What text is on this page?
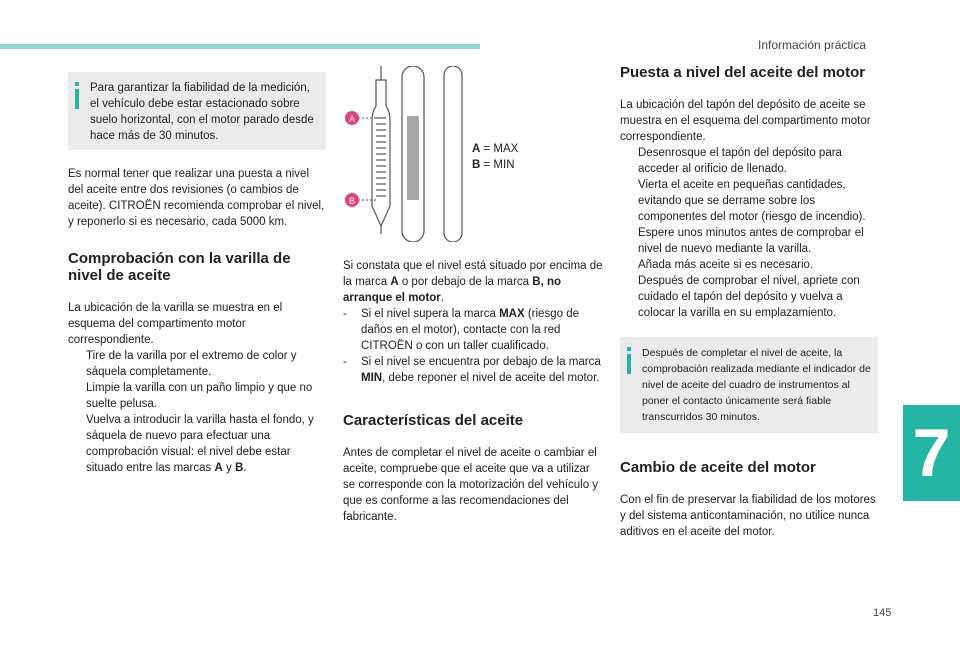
Información práctica

Para garantizar la fiabilidad de la medición, el vehículo debe estar estacionado sobre suelo horizontal, con el motor parado desde hace más de 30 minutos.

Es normal tener que realizar una puesta a nivel del aceite entre dos revisiones (o cambios de aceite). CITROËN recomienda comprobar el nivel, y reponerlo si es necesario, cada 5000 km.

Comprobación con la varilla de nivel de aceite

La ubicación de la varilla se muestra en el esquema del compartimento motor correspondiente.

Tire de la varilla por el extremo de color y sáquela completamente.
Limpie la varilla con un paño limpio y que no suelte pelusa.
Vuelva a introducir la varilla hasta el fondo, y sáquela de nuevo para efectuar una comprobación visual: el nivel debe estar situado entre las marcas A y B.
A
B
A = MAX
B = MIN

Si constata que el nivel está situado por encima de la marca A o por debajo de la marca B, no arranque el motor.

- Si el nivel supera la marca MAX (riesgo de daños en el motor), contacte con la red CITROËN o con un taller cualificado.
- Si el nivel se encuentra por debajo de la marca MIN, debe reponer el nivel de aceite del motor.
Características del aceite

Antes de completar el nivel de aceite o cambiar el aceite, compruebe que el aceite que va a utilizar se corresponde con la motorización del vehículo y que es conforme a las recomendaciones del fabricante.

Puesta a nivel del aceite del motor

La ubicación del tapón del depósito de aceite se muestra en el esquema del compartimento motor correspondiente.

Desenrosque el tapón del depósito para acceder al orificio de llenado.
Vierta el aceite en pequeñas cantidades, evitando que se derrame sobre los componentes del motor (riesgo de incendio).
Espere unos minutos antes de comprobar el nivel de nuevo mediante la varilla.
Añada más aceite si es necesario.
Después de comprobar el nivel, apriete con cuidado el tapón del depósito y vuelva a colocar la varilla en su emplazamiento.

Después de completar el nivel de aceite, la comprobación realizada mediante el indicador de nivel de aceite del cuadro de instrumentos al poner el contacto únicamente será fiable transcurridos 30 minutos.

Cambio de aceite del motor

Con el fin de preservar la fiabilidad de los motores y del sistema anticontaminación, no utilice nunca aditivos en el aceite del motor.

7
145
